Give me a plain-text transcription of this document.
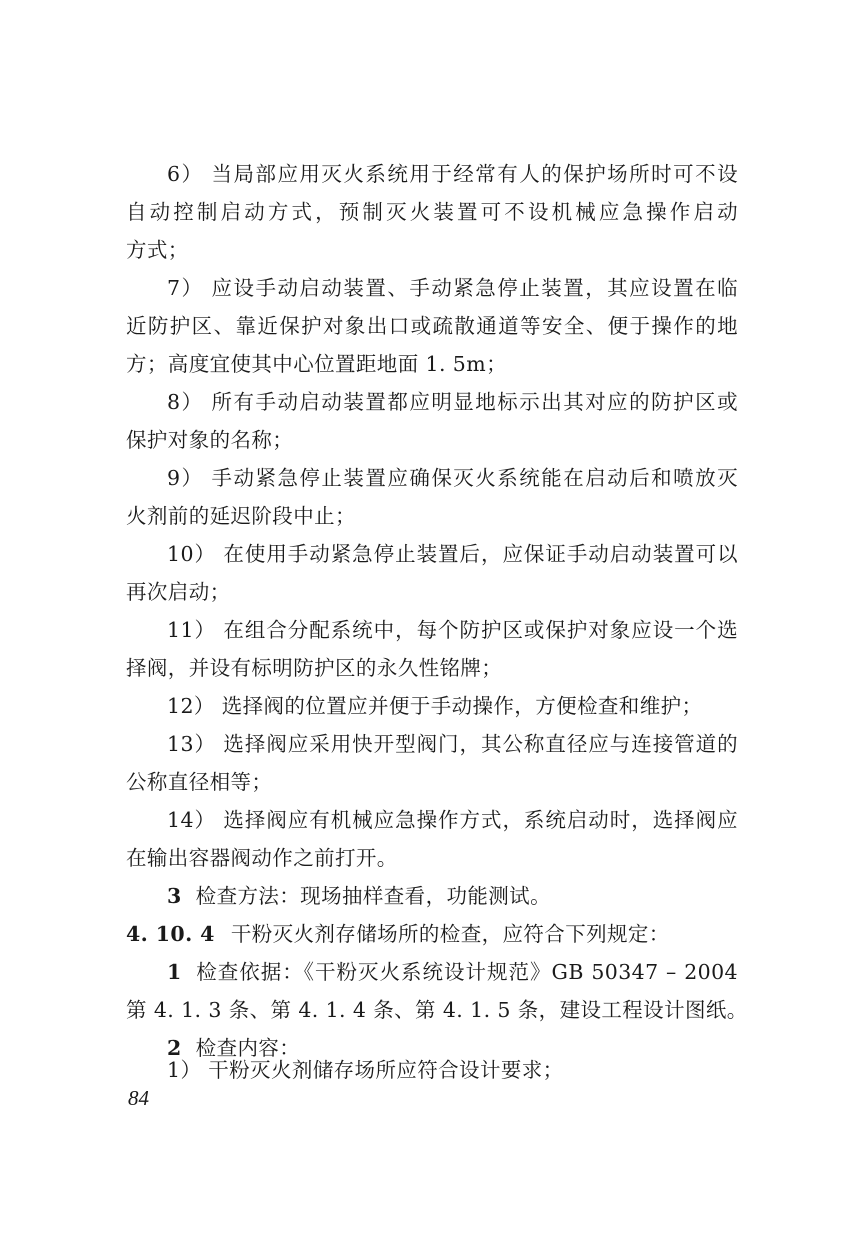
6） 当局部应用灭火系统用于经常有人的保护场所时可不设
自动控制启动方式，预制灭火装置可不设机械应急操作启动
方式；
7） 应设手动启动装置、手动紧急停止装置，其应设置在临
近防护区、靠近保护对象出口或疏散通道等安全、便于操作的地
方；高度宜使其中心位置距地面 1. 5m；
8） 所有手动启动装置都应明显地标示出其对应的防护区或
保护对象的名称；
9） 手动紧急停止装置应确保灭火系统能在启动后和喷放灭
火剂前的延迟阶段中止；
10） 在使用手动紧急停止装置后，应保证手动启动装置可以
再次启动；
11） 在组合分配系统中，每个防护区或保护对象应设一个选
择阀，并设有标明防护区的永久性铭牌；
12） 选择阀的位置应并便于手动操作，方便检查和维护；
13） 选择阀应采用快开型阀门，其公称直径应与连接管道的
公称直径相等；
14） 选择阀应有机械应急操作方式，系统启动时，选择阀应
在输出容器阀动作之前打开。
3 检查方法：现场抽样查看，功能测试。
4. 10. 4 干粉灭火剂存储场所的检查，应符合下列规定：
1 检查依据：《干粉灭火系统设计规范》GB 50347 – 2004
第 4. 1. 3 条、第 4. 1. 4 条、第 4. 1. 5 条，建设工程设计图纸。
2 检查内容：
1） 干粉灭火剂储存场所应符合设计要求；
84
